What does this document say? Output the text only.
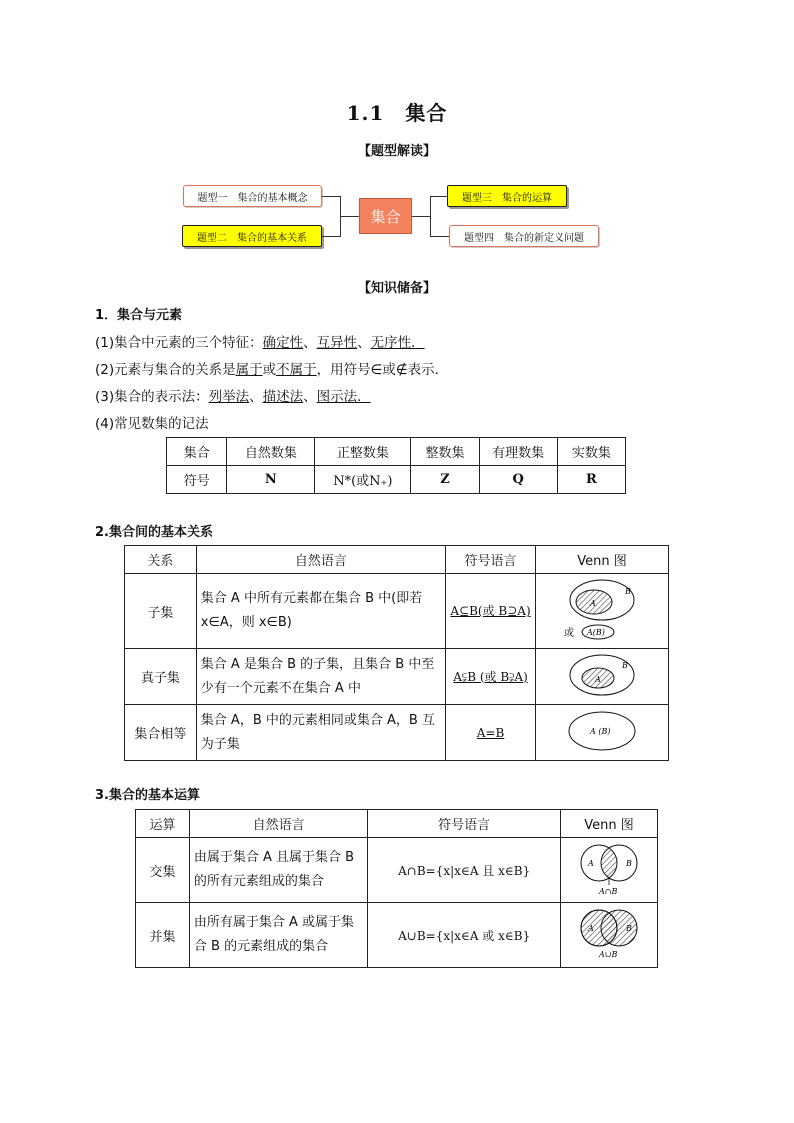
1.1　集合
【题型解读】
题型一　集合的基本概念
题型二　集合的基本关系
集合
题型三　集合的运算
题型四　集合的新定义问题
【知识储备】
1．集合与元素
(1)集合中元素的三个特征：确定性、互异性、无序性．
(2)元素与集合的关系是属于或不属于，用符号∈或∉表示．
(3)集合的表示法：列举法、描述法、图示法．
(4)常见数集的记法
集合	自然数集	正整数集	整数集	有理数集	实数集
符号	N	N*(或N₊)	Z	Q	R
2.集合间的基本关系
关系	自然语言	符号语言	Venn 图
子集	集合 A 中所有元素都在集合 B 中(即若 x∈A，则 x∈B)	A⊆B(或 B⊇A)	A
B
或 A(B)

真子集	集合 A 是集合 B 的子集，且集合 B 中至少有一个元素不在集合 A 中	A⫋B (或 B⫌A)	A
B

集合相等	集合 A，B 中的元素相同或集合 A，B 互为子集	A=B	A (B)
3.集合的基本运算
运算	自然语言	符号语言	Venn 图
交集	由属于集合 A 且属于集合 B 的所有元素组成的集合	A∩B={x|x∈A 且 x∈B}	A B
A∩B

并集	由所有属于集合 A 或属于集合 B 的元素组成的集合	A∪B={x|x∈A 或 x∈B}	A B
A∪B
